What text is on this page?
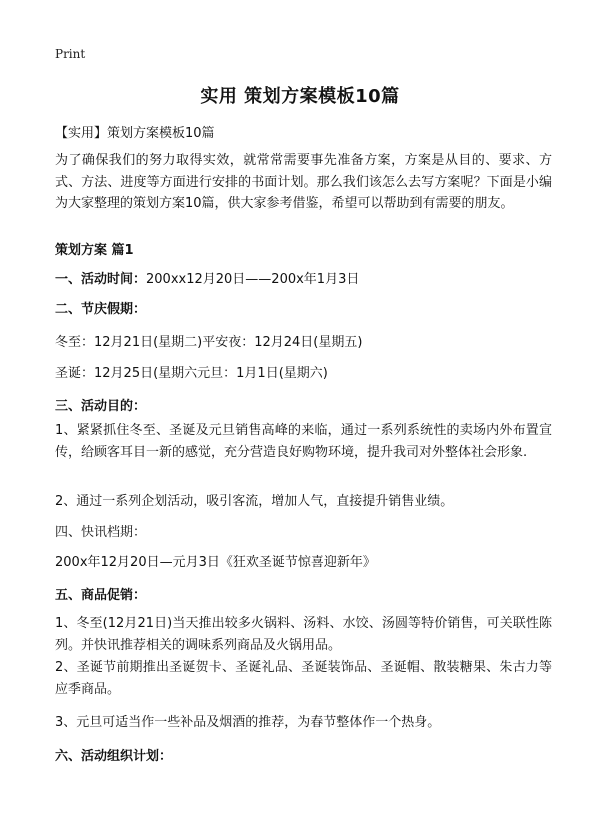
Print
实用 策划方案模板10篇
【实用】策划方案模板10篇
为了确保我们的努力取得实效，就常常需要事先准备方案，方案是从目的、要求、方式、方法、进度等方面进行安排的书面计划。那么我们该怎么去写方案呢？下面是小编为大家整理的策划方案10篇，供大家参考借鉴，希望可以帮助到有需要的朋友。
策划方案 篇1
一、活动时间：200xx12月20日——200x年1月3日
二、节庆假期：
冬至：12月21日(星期二)平安夜：12月24日(星期五)
圣诞：12月25日(星期六元旦：1月1日(星期六)
三、活动目的：
1、紧紧抓住冬至、圣诞及元旦销售高峰的来临，通过一系列系统性的卖场内外布置宣传，给顾客耳目一新的感觉，充分营造良好购物环境，提升我司对外整体社会形象.
2、通过一系列企划活动，吸引客流，增加人气，直接提升销售业绩。
四、快讯档期：
200x年12月20日—元月3日《狂欢圣诞节惊喜迎新年》
五、商品促销：
1、冬至(12月21日)当天推出较多火锅料、汤料、水饺、汤圆等特价销售，可关联性陈列。并快讯推荐相关的调味系列商品及火锅用品。
2、圣诞节前期推出圣诞贺卡、圣诞礼品、圣诞装饰品、圣诞帽、散装糖果、朱古力等应季商品。
3、元旦可适当作一些补品及烟酒的推荐，为春节整体作一个热身。
六、活动组织计划：
